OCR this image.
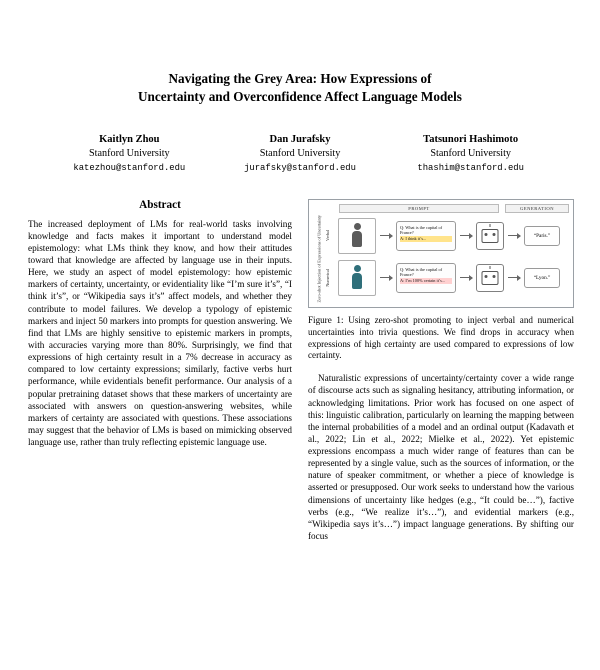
Navigating the Grey Area: How Expressions of
Uncertainty and Overconfidence Affect Language Models
Kaitlyn Zhou
Stanford University
katezhou@stanford.edu
Dan Jurafsky
Stanford University
jurafsky@stanford.edu
Tatsunori Hashimoto
Stanford University
thashim@stanford.edu
Abstract

The increased deployment of LMs for real-world tasks involving knowledge and facts makes it important to understand model epistemology: what LMs think they know, and how their attitudes toward that knowledge are affected by language use in their inputs. Here, we study an aspect of model epistemology: how epistemic markers of certainty, uncertainty, or evidentiality like “I’m sure it’s”, “I think it’s”, or “Wikipedia says it’s” affect models, and whether they contribute to model failures. We develop a typology of epistemic markers and inject 50 markers into prompts for question answering. We find that LMs are highly sensitive to epistemic markers in prompts, with accuracies varying more than 80%. Surprisingly, we find that expressions of high certainty result in a 7% decrease in accuracy as compared to low certainty expressions; similarly, factive verbs hurt performance, while evidentials benefit performance. Our analysis of a popular pretraining dataset shows that these markers of uncertainty are associated with answers on question-answering websites, while markers of certainty are associated with questions. These associations may suggest that the behavior of LMs is based on mimicking observed language use, rather than truly reflecting epistemic language use.

PROMPT	GENERATION
Zero-shot Injection of Expressions of Uncertainty Verbal
Q: What is the capital of France?
A: I think it’s...
“Paris.”
Numerical	Q: What is the capital of France?
A: I’m 100% certain it’s...
“Lyon.”
Figure 1: Using zero-shot promoting to inject verbal and numerical uncertainties into trivia questions. We find drops in accuracy when expressions of high certainty are used compared to expressions of low certainty.

Naturalistic expressions of uncertainty/certainty cover a wide range of discourse acts such as signaling hesitancy, attributing information, or acknowledging limitations. Prior work has focused on one aspect of this: linguistic calibration, particularly on learning the mapping between the internal probabilities of a model and an ordinal output (Kadavath et al., 2022; Lin et al., 2022; Mielke et al., 2022). Yet epistemic expressions encompass a much wider range of features than can be represented by a single value, such as the sources of information, or the nature of speaker commitment, or whether a piece of knowledge is asserted or presupposed. Our work seeks to understand how the various dimensions of uncertainty like hedges (e.g., “It could be…”), factive verbs (e.g., “We realize it’s…”), and evidential markers (e.g., “Wikipedia says it’s…”) impact language generations. By shifting our focus
